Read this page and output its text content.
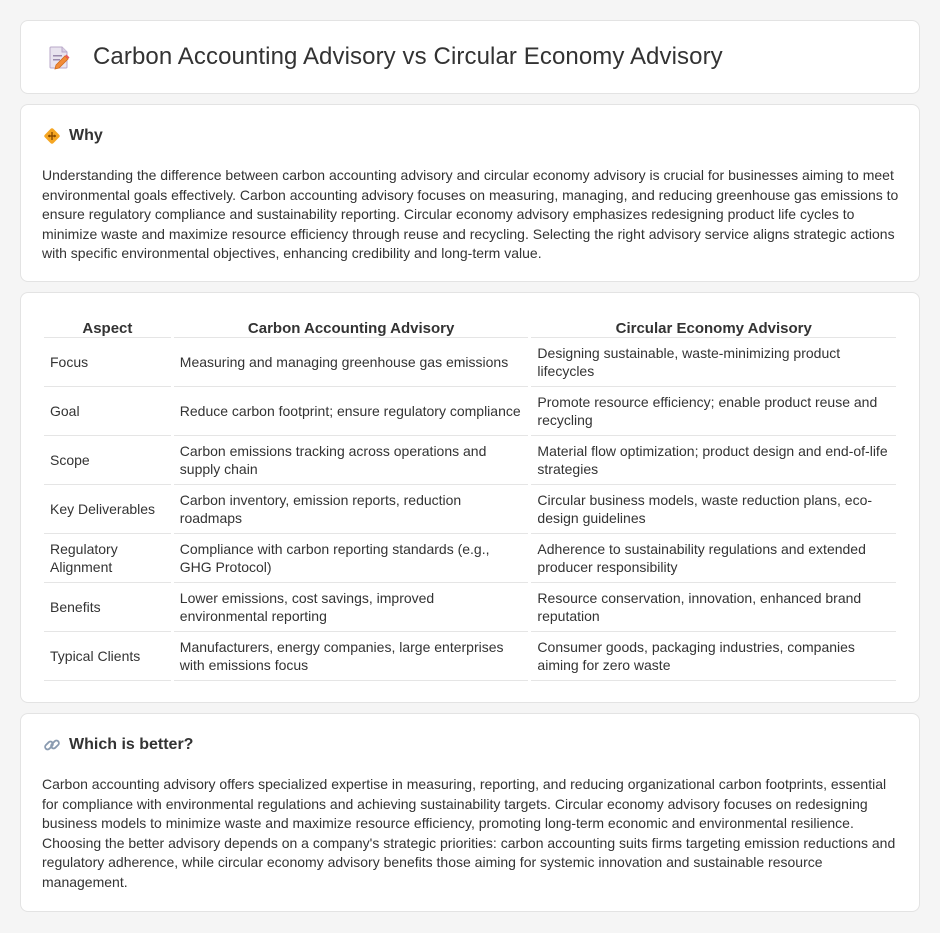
Carbon Accounting Advisory vs Circular Economy Advisory
Why

Understanding the difference between carbon accounting advisory and circular economy advisory is crucial for businesses aiming to meet environmental goals effectively. Carbon accounting advisory focuses on measuring, managing, and reducing greenhouse gas emissions to ensure regulatory compliance and sustainability reporting. Circular economy advisory emphasizes redesigning product life cycles to minimize waste and maximize resource efficiency through reuse and recycling. Selecting the right advisory service aligns strategic actions with specific environmental objectives, enhancing credibility and long-term value.

Aspect	Carbon Accounting Advisory	Circular Economy Advisory
Focus	Measuring and managing greenhouse gas emissions	Designing sustainable, waste-minimizing product lifecycles
Goal	Reduce carbon footprint; ensure regulatory compliance	Promote resource efficiency; enable product reuse and recycling
Scope	Carbon emissions tracking across operations and supply chain	Material flow optimization; product design and end-of-life strategies
Key Deliverables	Carbon inventory, emission reports, reduction roadmaps	Circular business models, waste reduction plans, eco-design guidelines
Regulatory Alignment	Compliance with carbon reporting standards (e.g., GHG Protocol)	Adherence to sustainability regulations and extended producer responsibility
Benefits	Lower emissions, cost savings, improved environmental reporting	Resource conservation, innovation, enhanced brand reputation
Typical Clients	Manufacturers, energy companies, large enterprises with emissions focus	Consumer goods, packaging industries, companies aiming for zero waste
Which is better?

Carbon accounting advisory offers specialized expertise in measuring, reporting, and reducing organizational carbon footprints, essential for compliance with environmental regulations and achieving sustainability targets. Circular economy advisory focuses on redesigning business models to minimize waste and maximize resource efficiency, promoting long-term economic and environmental resilience. Choosing the better advisory depends on a company's strategic priorities: carbon accounting suits firms targeting emission reductions and regulatory adherence, while circular economy advisory benefits those aiming for systemic innovation and sustainable resource management.
